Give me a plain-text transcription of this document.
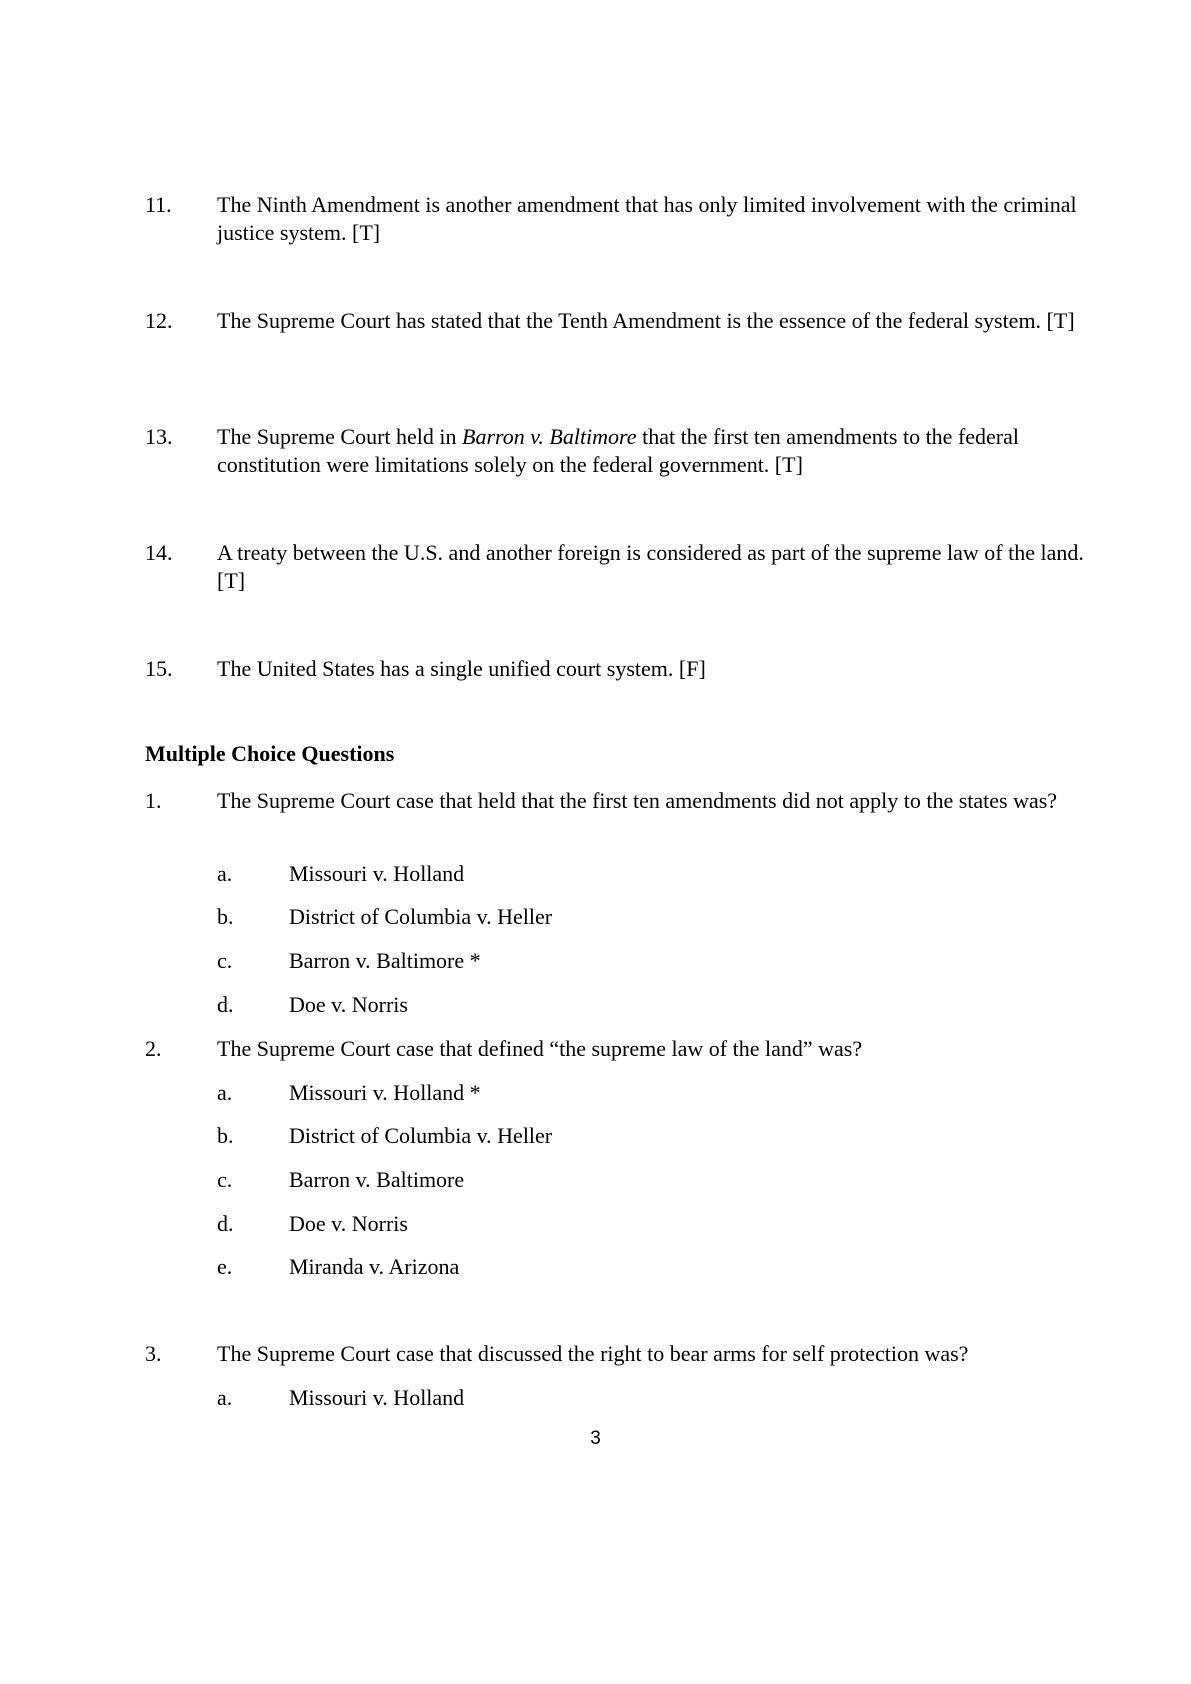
11.	The Ninth Amendment is another amendment that has only limited involvement with the criminal justice system. [T]
12.	The Supreme Court has stated that the Tenth Amendment is the essence of the federal system. [T]
13.	The Supreme Court held in Barron v. Baltimore that the first ten amendments to the federal constitution were limitations solely on the federal government. [T]
14.	A treaty between the U.S. and another foreign is considered as part of the supreme law of the land. [T]
15.	The United States has a single unified court system. [F]
Multiple Choice Questions
1.	The Supreme Court case that held that the first ten amendments did not apply to the states was?
a.	Missouri v. Holland
b.	District of Columbia v. Heller
c.	Barron v. Baltimore *
d.	Doe v. Norris
2.	The Supreme Court case that defined “the supreme law of the land” was?
a.	Missouri v. Holland *
b.	District of Columbia v. Heller
c.	Barron v. Baltimore
d.	Doe v. Norris
e.	Miranda v. Arizona
3.	The Supreme Court case that discussed the right to bear arms for self protection was?
a.	Missouri v. Holland
3
